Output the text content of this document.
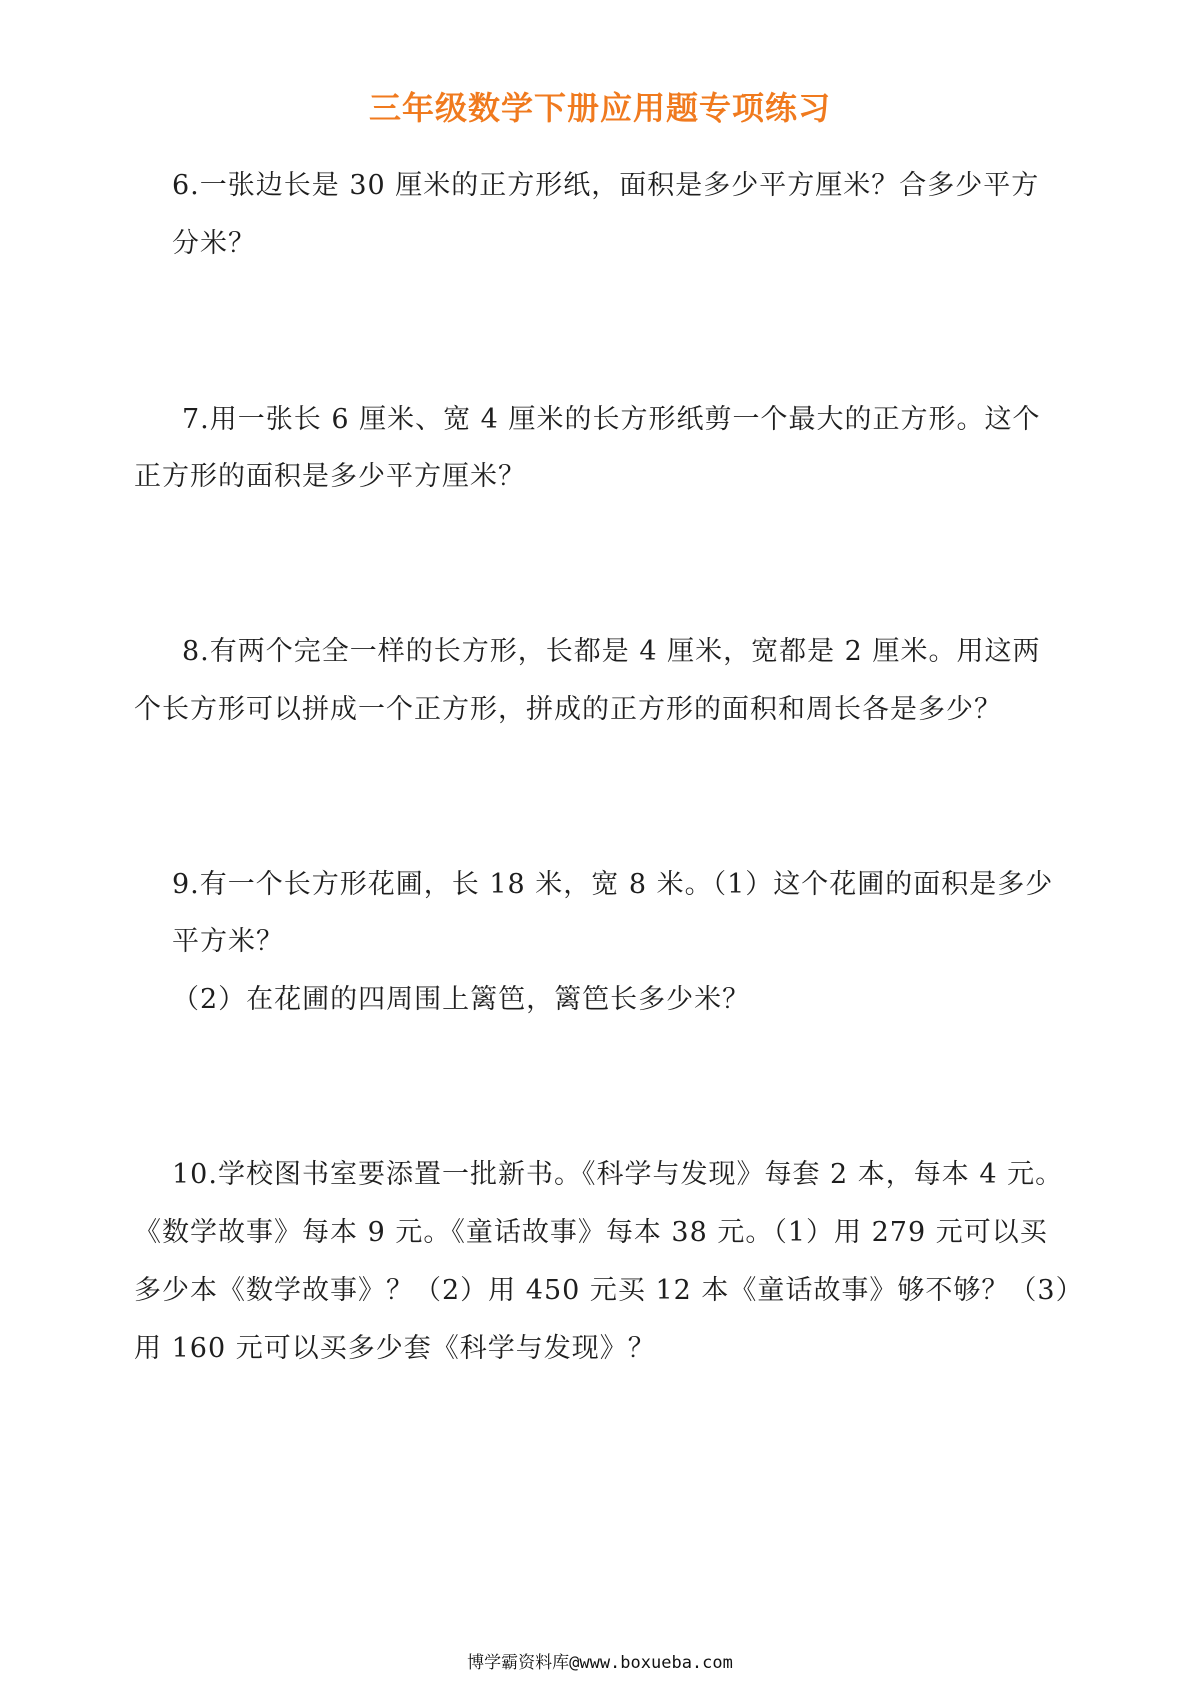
三年级数学下册应用题专项练习
6.一张边长是 30 厘米的正方形纸，面积是多少平方厘米？合多少平方
分米？
7.用一张长 6 厘米、宽 4 厘米的长方形纸剪一个最大的正方形。这个
正方形的面积是多少平方厘米？
8.有两个完全一样的长方形，长都是 4 厘米，宽都是 2 厘米。用这两
个长方形可以拼成一个正方形，拼成的正方形的面积和周长各是多少？
9.有一个长方形花圃，长 18 米，宽 8 米。（1）这个花圃的面积是多少
平方米？
（2）在花圃的四周围上篱笆，篱笆长多少米？
10.学校图书室要添置一批新书。《科学与发现》每套 2 本，每本 4 元。
《数学故事》每本 9 元。《童话故事》每本 38 元。（1）用 279 元可以买
多少本《数学故事》？（2）用 450 元买 12 本《童话故事》够不够？（3）
用 160 元可以买多少套《科学与发现》？
博学霸资料库@www.boxueba.com
